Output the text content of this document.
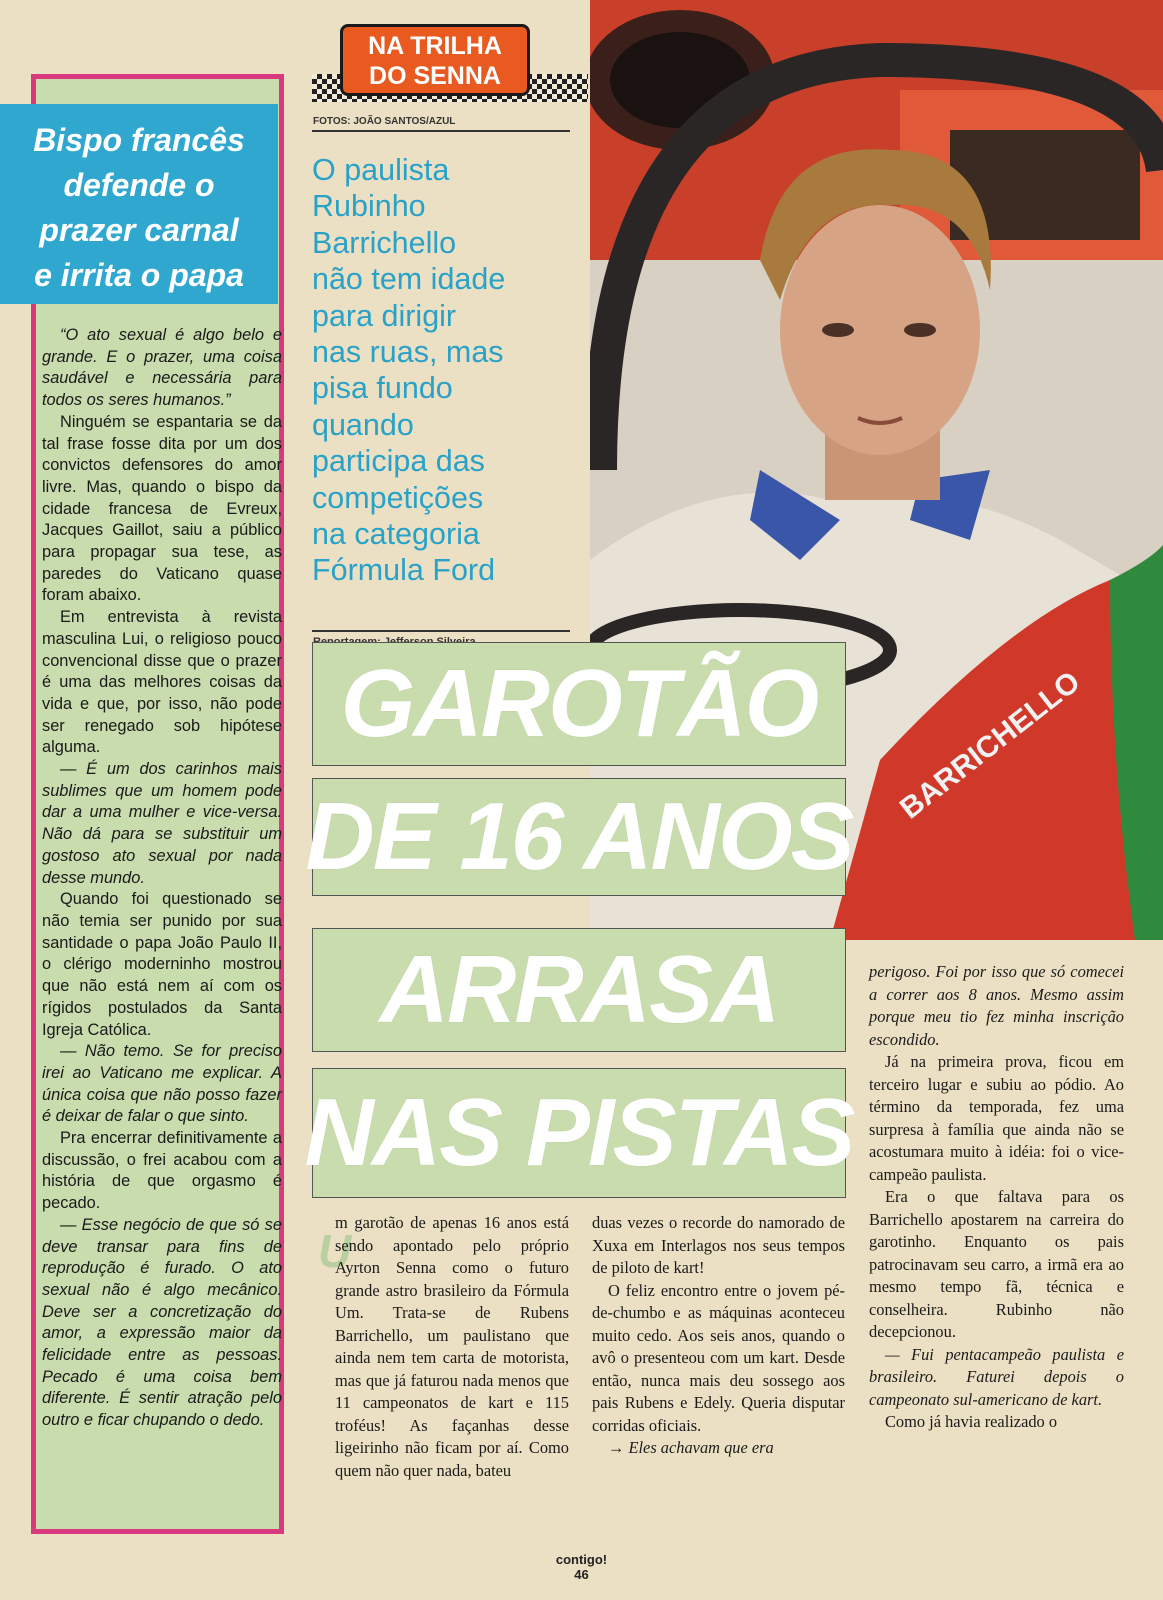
Bispo francês
defende o
prazer carnal
e irrita o papa

“O ato sexual é algo belo e grande. E o prazer, uma coisa saudável e necessária para todos os seres humanos.”

Ninguém se espantaria se da tal frase fosse dita por um dos convictos defensores do amor livre. Mas, quando o bispo da cidade francesa de Evreux, Jacques Gaillot, saiu a público para propagar sua tese, as paredes do Vaticano quase foram abaixo.

Em entrevista à revista masculina Lui, o religioso pouco convencional disse que o prazer é uma das melhores coisas da vida e que, por isso, não pode ser renegado sob hipótese alguma.

— É um dos carinhos mais sublimes que um homem pode dar a uma mulher e vice-versa. Não dá para se substituir um gostoso ato sexual por nada desse mundo.

Quando foi questionado se não temia ser punido por sua santidade o papa João Paulo II, o clérigo moderninho mostrou que não está nem aí com os rígidos postulados da Santa Igreja Católica.

— Não temo. Se for preciso irei ao Vaticano me explicar. A única coisa que não posso fazer é deixar de falar o que sinto.

Pra encerrar definitivamente a discussão, o frei acabou com a história de que orgasmo é pecado.

— Esse negócio de que só se deve transar para fins de reprodução é furado. O ato sexual não é algo mecânico. Deve ser a concretização do amor, a expressão maior da felicidade entre as pessoas. Pecado é uma coisa bem diferente. É sentir atração pelo outro e ficar chupando o dedo.

NA TRILHA
DO SENNA
FOTOS: JOÃO SANTOS/AZUL
O paulista
Rubinho
Barrichello
não tem idade
para dirigir
nas ruas, mas
pisa fundo
quando
participa das
competições
na categoria
Fórmula Ford
BARRICHELLO
GAROTÃO
DE 16 ANOS
ARRASA
NAS PISTAS
U

m garotão de apenas 16 anos está sendo apontado pelo próprio Ayrton Senna como o futuro grande astro brasileiro da Fórmula Um. Trata-se de Rubens Barrichello, um paulistano que ainda nem tem carta de motorista, mas que já faturou nada menos que 11 campeonatos de kart e 115 troféus! As façanhas desse ligeirinho não ficam por aí. Como quem não quer nada, bateu

duas vezes o recorde do namorado de Xuxa em Interlagos nos seus tempos de piloto de kart!

O feliz encontro entre o jovem pé-de-chumbo e as máquinas aconteceu muito cedo. Aos seis anos, quando o avô o presenteou com um kart. Desde então, nunca mais deu sossego aos pais Rubens e Edely. Queria disputar corridas oficiais.

→ Eles achavam que era

perigoso. Foi por isso que só comecei a correr aos 8 anos. Mesmo assim porque meu tio fez minha inscrição escondido.

Já na primeira prova, ficou em terceiro lugar e subiu ao pódio. Ao término da temporada, fez uma surpresa à família que ainda não se acostumara muito à idéia: foi o vice-campeão paulista.

Era o que faltava para os Barrichello apostarem na carreira do garotinho. Enquanto os pais patrocinavam seu carro, a irmã era ao mesmo tempo fã, técnica e conselheira. Rubinho não decepcionou.

— Fui pentacampeão paulista e brasileiro. Faturei depois o campeonato sul-americano de kart.

Como já havia realizado o

contigo!
46
